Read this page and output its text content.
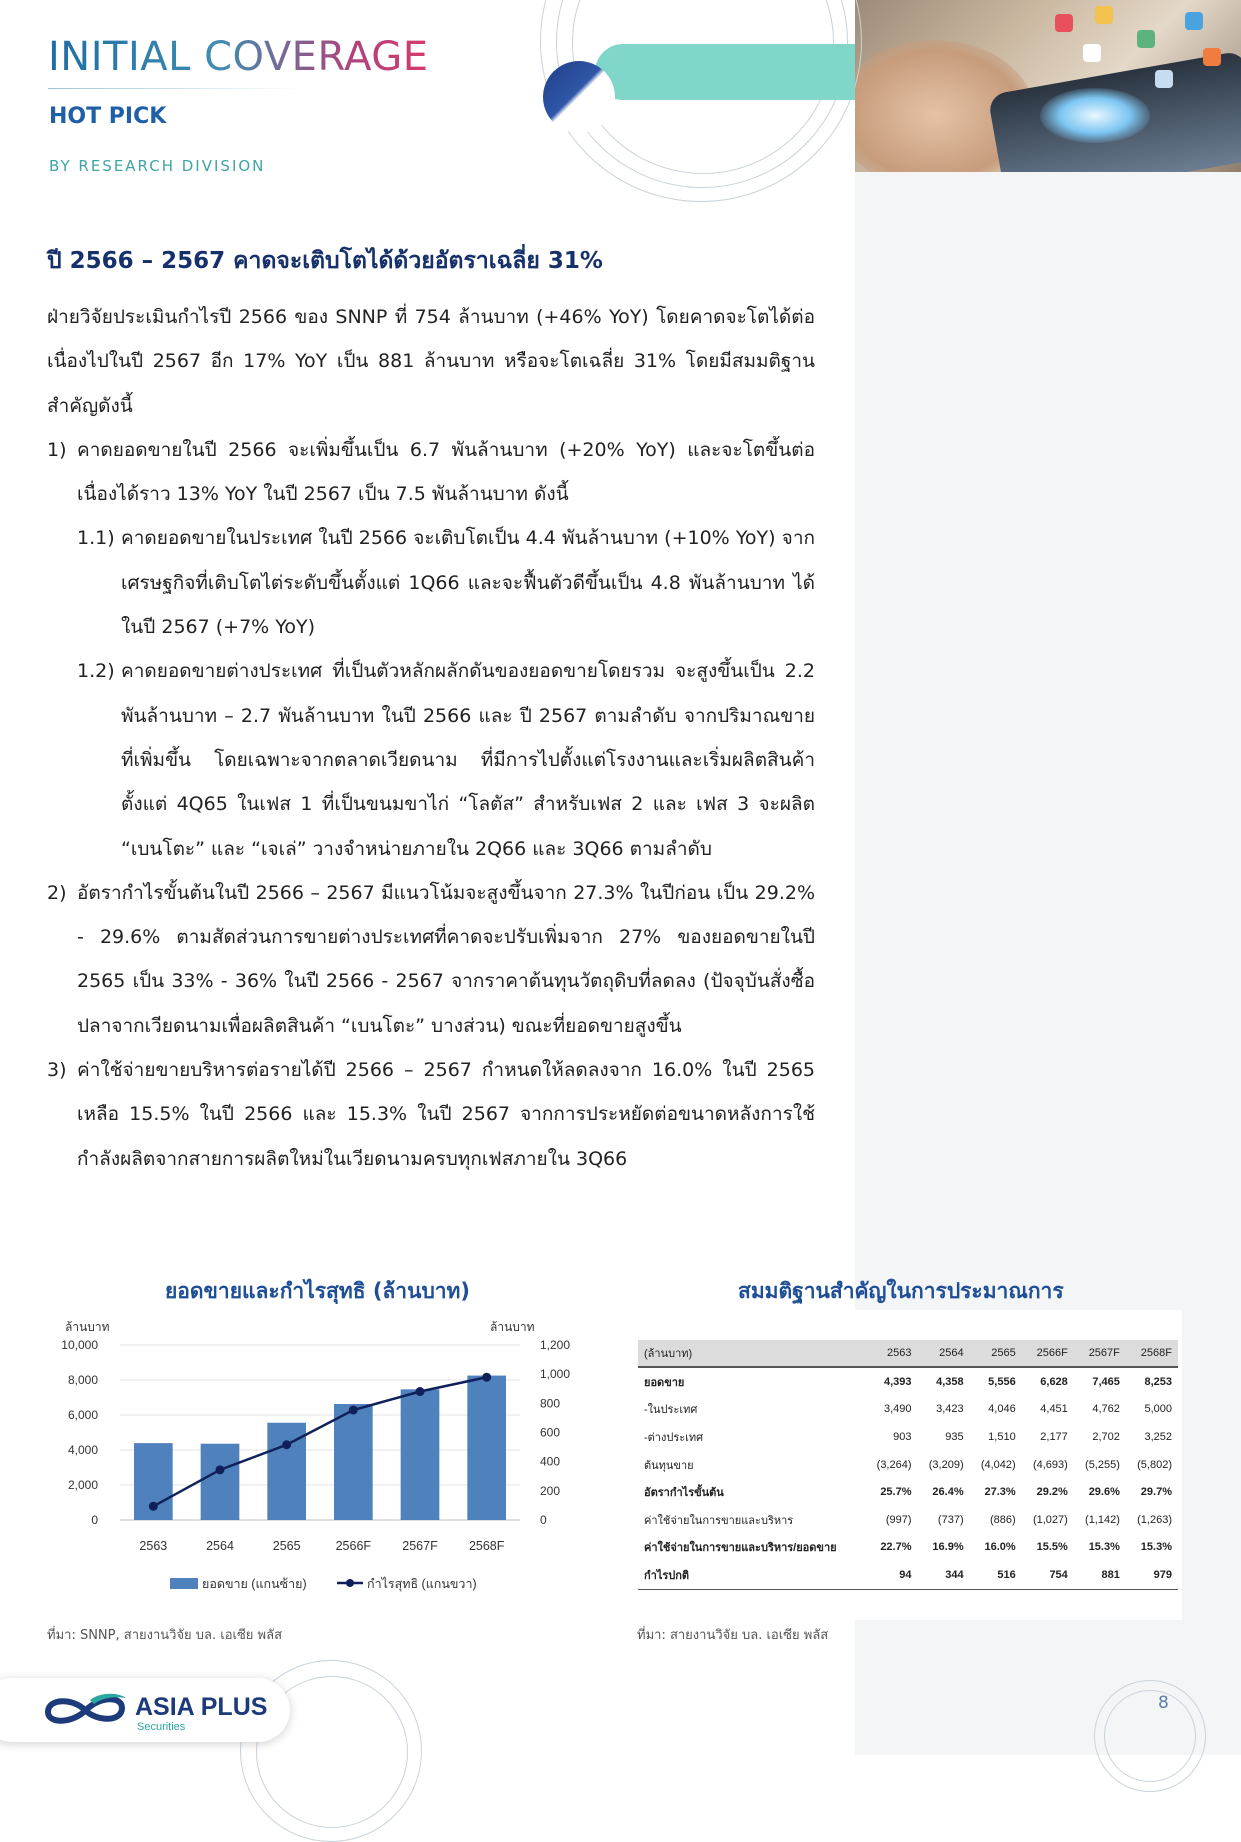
INITIAL COVERAGE
HOT PICK
BY RESEARCH DIVISION
ปี 2566 – 2567 คาดจะเติบโตได้ด้วยอัตราเฉลี่ย 31%

ฝ่ายวิจัยประเมินกำไรปี 2566 ของ SNNP ที่ 754 ล้านบาท (+46% YoY) โดยคาดจะโตได้ต่อเนื่องไปในปี 2567 อีก 17% YoY เป็น 881 ล้านบาท หรือจะโตเฉลี่ย 31% โดยมีสมมติฐานสำคัญดังนี้

1) คาดยอดขายในปี 2566 จะเพิ่มขึ้นเป็น 6.7 พันล้านบาท (+20% YoY) และจะโตขึ้นต่อเนื่องได้ราว 13% YoY ในปี 2567 เป็น 7.5 พันล้านบาท ดังนี้
1.1) คาดยอดขายในประเทศ ในปี 2566 จะเติบโตเป็น 4.4 พันล้านบาท (+10% YoY) จากเศรษฐกิจที่เติบโตไต่ระดับขึ้นตั้งแต่ 1Q66 และจะฟื้นตัวดีขึ้นเป็น 4.8 พันล้านบาท ได้ในปี 2567 (+7% YoY)
1.2) คาดยอดขายต่างประเทศ ที่เป็นตัวหลักผลักดันของยอดขายโดยรวม จะสูงขึ้นเป็น 2.2 พันล้านบาท – 2.7 พันล้านบาท ในปี 2566 และ ปี 2567 ตามลำดับ จากปริมาณขายที่เพิ่มขึ้น โดยเฉพาะจากตลาดเวียดนาม ที่มีการไปตั้งแต่โรงงานและเริ่มผลิตสินค้าตั้งแต่ 4Q65 ในเฟส 1 ที่เป็นขนมขาไก่ “โลตัส” สำหรับเฟส 2 และ เฟส 3 จะผลิต “เบนโตะ” และ “เจเล่” วางจำหน่ายภายใน 2Q66 และ 3Q66 ตามลำดับ
2) อัตรากำไรขั้นต้นในปี 2566 – 2567 มีแนวโน้มจะสูงขึ้นจาก 27.3% ในปีก่อน เป็น 29.2% - 29.6% ตามสัดส่วนการขายต่างประเทศที่คาดจะปรับเพิ่มจาก 27% ของยอดขายในปี 2565 เป็น 33% - 36% ในปี 2566 - 2567 จากราคาต้นทุนวัตถุดิบที่ลดลง (ปัจจุบันสั่งซื้อปลาจากเวียดนามเพื่อผลิตสินค้า “เบนโตะ” บางส่วน) ขณะที่ยอดขายสูงขึ้น
3) ค่าใช้จ่ายขายบริหารต่อรายได้ปี 2566 – 2567 กำหนดให้ลดลงจาก 16.0% ในปี 2565 เหลือ 15.5% ในปี 2566 และ 15.3% ในปี 2567 จากการประหยัดต่อขนาดหลังการใช้กำลังผลิตจากสายการผลิตใหม่ในเวียดนามครบทุกเฟสภายใน 3Q66
ยอดขายและกำไรสุทธิ (ล้านบาท)
10,000
8,000
6,000
4,000
2,000
0
1,200
1,000
800
600
400
200
0
ล้านบาท	ล้านบาท
2563	2564	2565	2566F 2567F 2568F
ยอดขาย (แกนซ้าย)	กำไรสุทธิ (แกนขวา)
ที่มา: SNNP, สายงานวิจัย บล. เอเซีย พลัส
สมมติฐานสำคัญในการประมาณการ
(ล้านบาท)	2563	2564	2565	2566F	2567F	2568F
ยอดขาย	4,393	4,358	5,556	6,628	7,465	8,253
-ในประเทศ	3,490	3,423	4,046	4,451	4,762	5,000
-ต่างประเทศ	903	935	1,510	2,177	2,702	3,252
ต้นทุนขาย	(3,264)	(3,209)	(4,042)	(4,693)	(5,255)	(5,802)
อัตรากำไรขั้นต้น	25.7%	26.4%	27.3%	29.2%	29.6%	29.7%
ค่าใช้จ่ายในการขายและบริหาร	(997)	(737)	(886)	(1,027)	(1,142)	(1,263)
ค่าใช้จ่ายในการขายและบริหาร/ยอดขาย	22.7%	16.9%	16.0%	15.5%	15.3%	15.3%
กำไรปกติ	94	344	516	754	881	979
ที่มา: สายงานวิจัย บล. เอเซีย พลัส
ASIA PLUS
Securities
8
